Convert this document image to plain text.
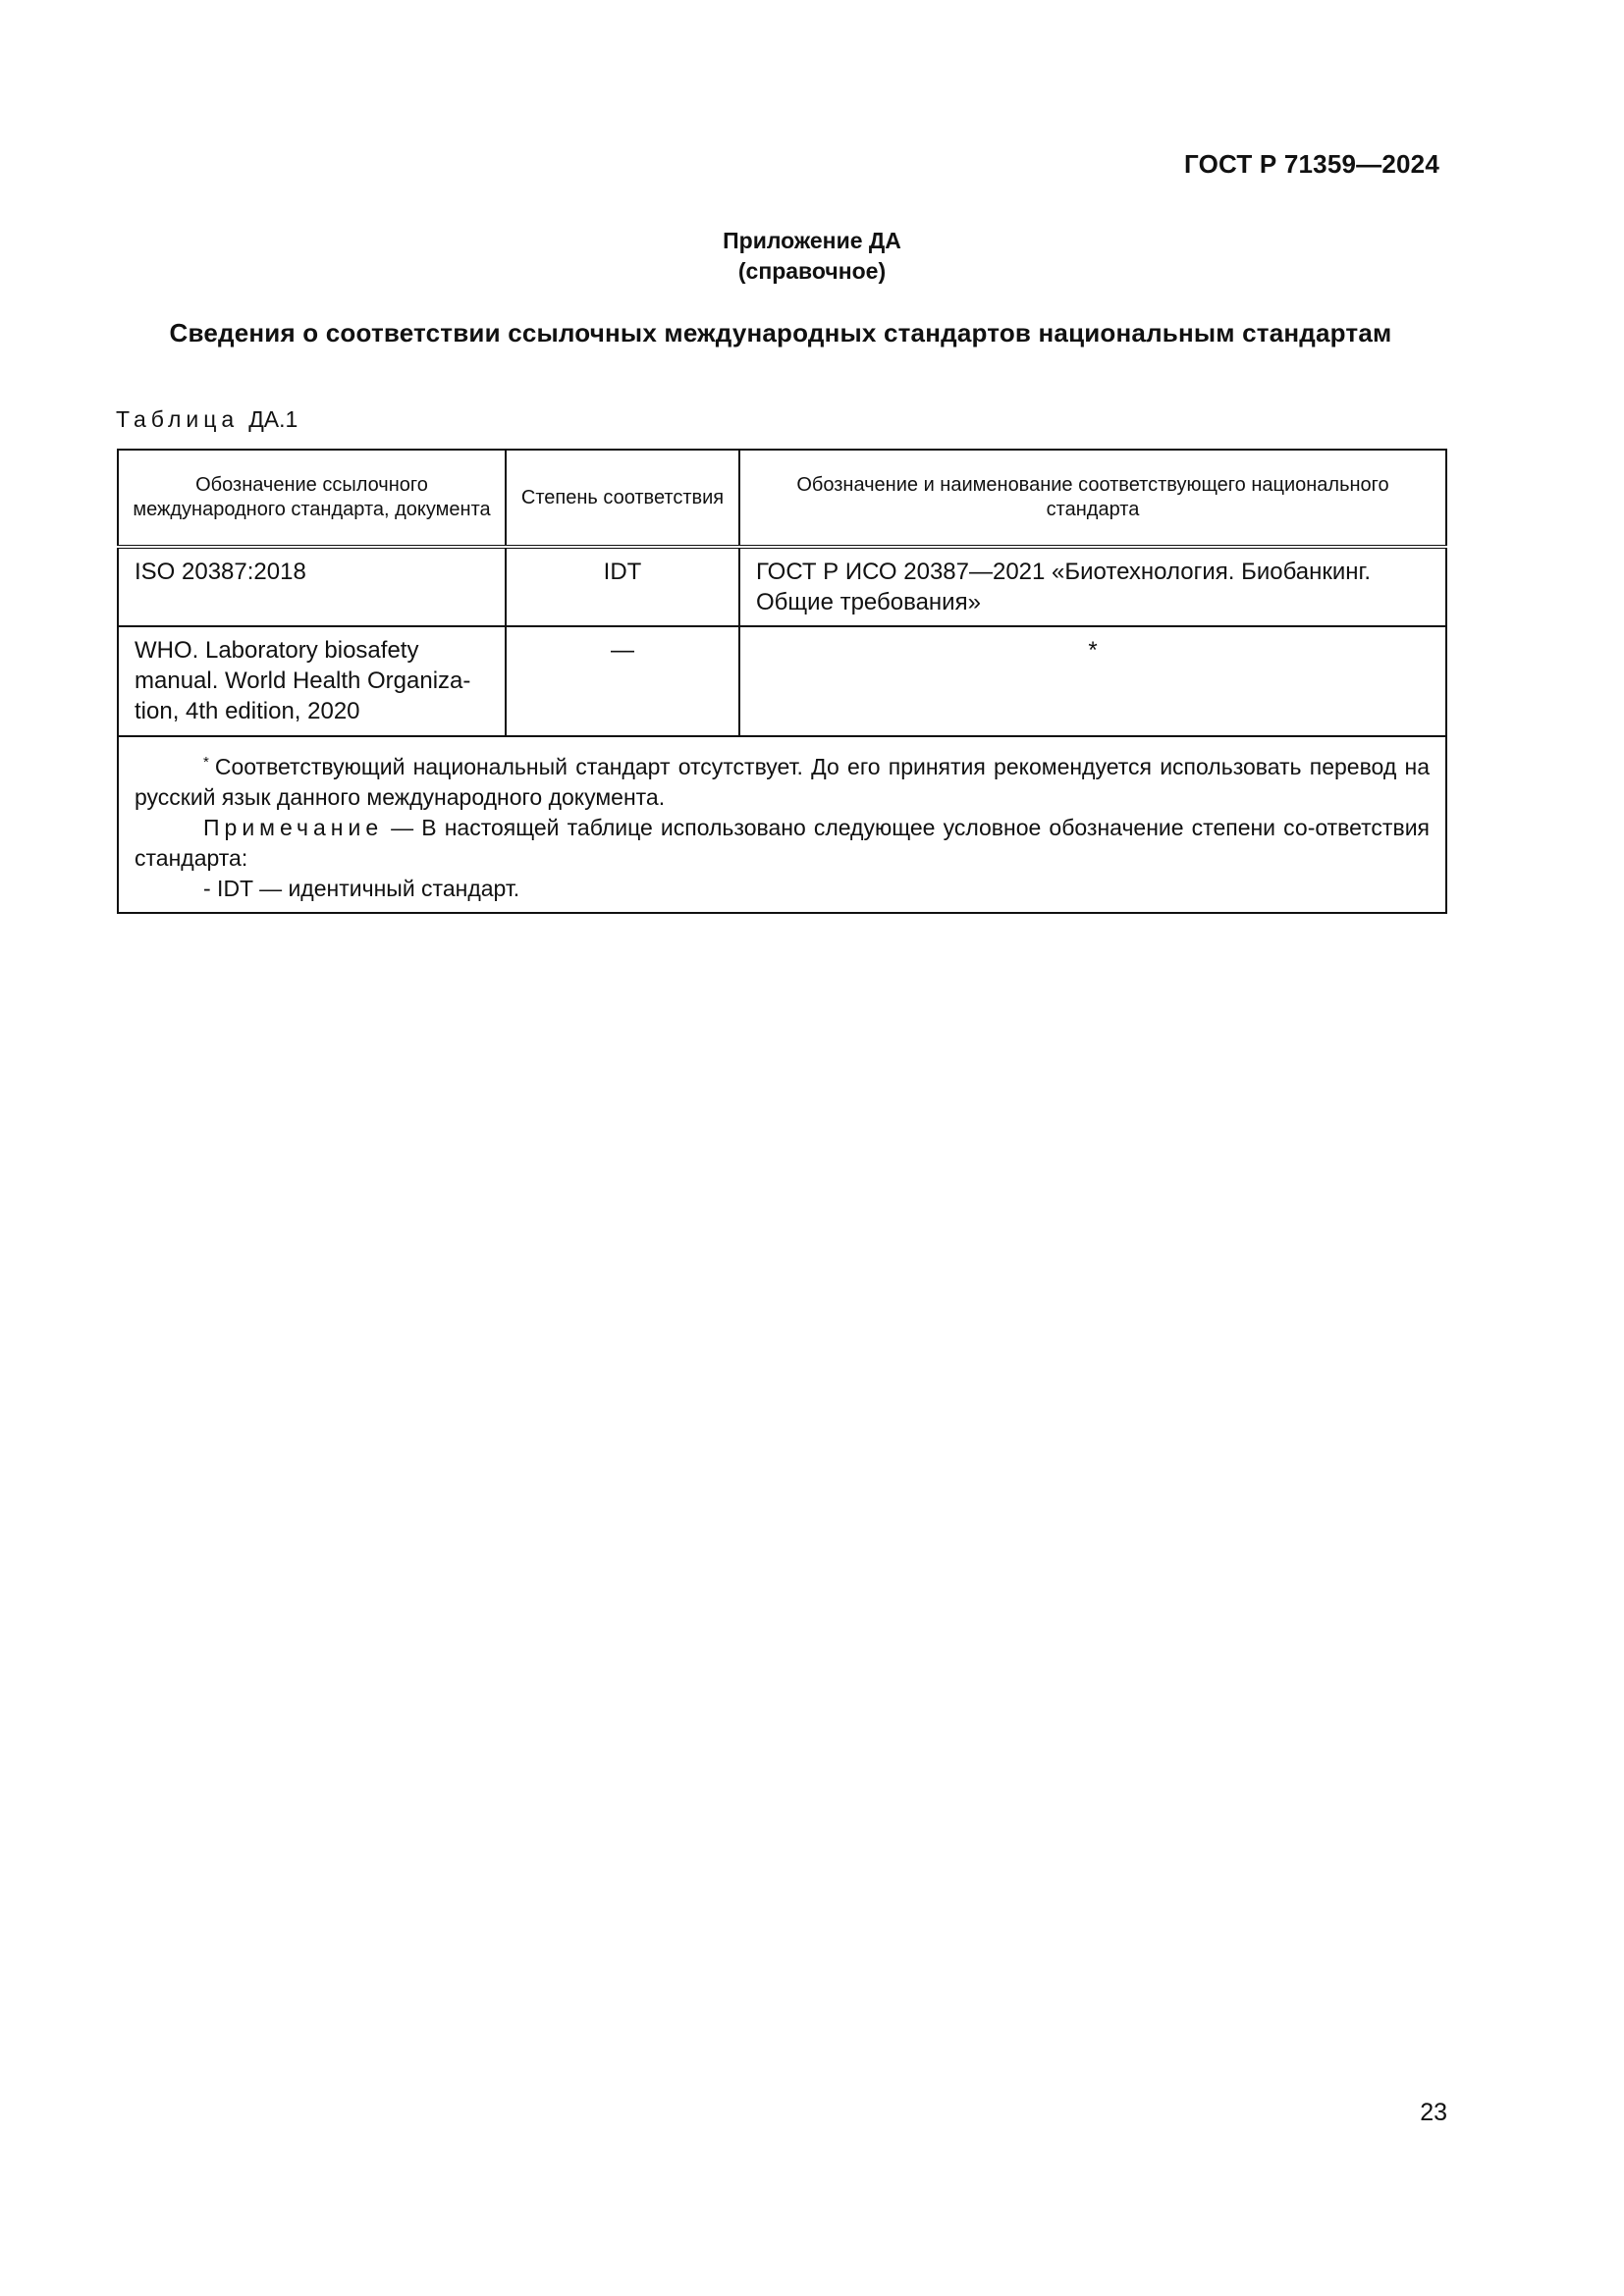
ГОСТ Р 71359—2024
Приложение ДА
(справочное)
Сведения о соответствии ссылочных международных стандартов национальным стандартам
Таблица ДА.1
Обозначение ссылочного международного стандарта, документа	Степень соответствия	Обозначение и наименование соответствующего национального стандарта
ISO 20387:2018	IDT	ГОСТ Р ИСО 20387—2021 «Биотехнология. Биобанкинг. Общие требования»
WHO. Laboratory biosafety manual. World Health Organiza-tion, 4th edition, 2020	—	*

* Соответствующий национальный стандарт отсутствует. До его принятия рекомендуется использовать перевод на русский язык данного международного документа.

Примечание — В настоящей таблице использовано следующее условное обозначение степени со-ответствия стандарта:

- IDT — идентичный стандарт.		

23
